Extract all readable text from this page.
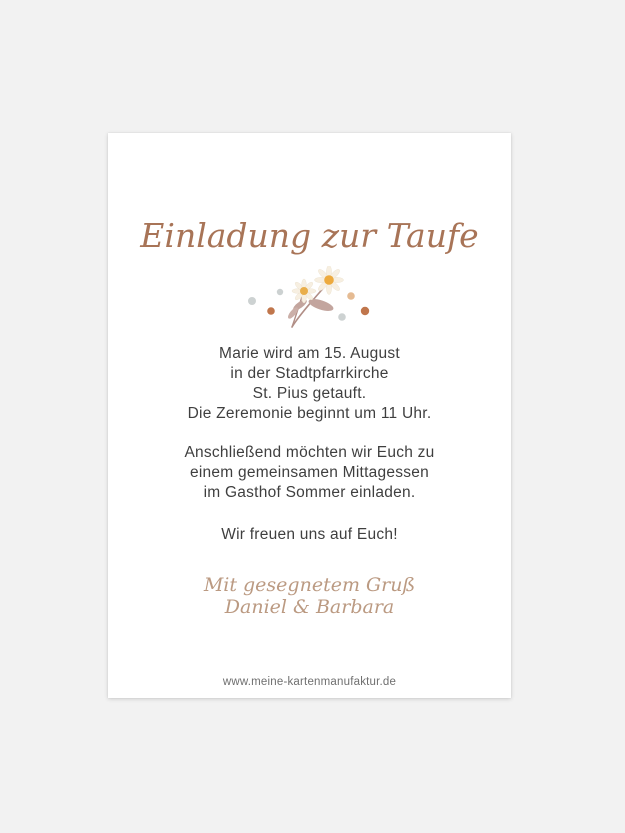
Einladung zur Taufe
Marie wird am 15. August
in der Stadtpfarrkirche
St. Pius getauft.
Die Zeremonie beginnt um 11 Uhr.
Anschließend möchten wir Euch zu
einem gemeinsamen Mittagessen
im Gasthof Sommer einladen.
Wir freuen uns auf Euch!
Mit gesegnetem Gruß
Daniel & Barbara
www.meine-kartenmanufaktur.de
